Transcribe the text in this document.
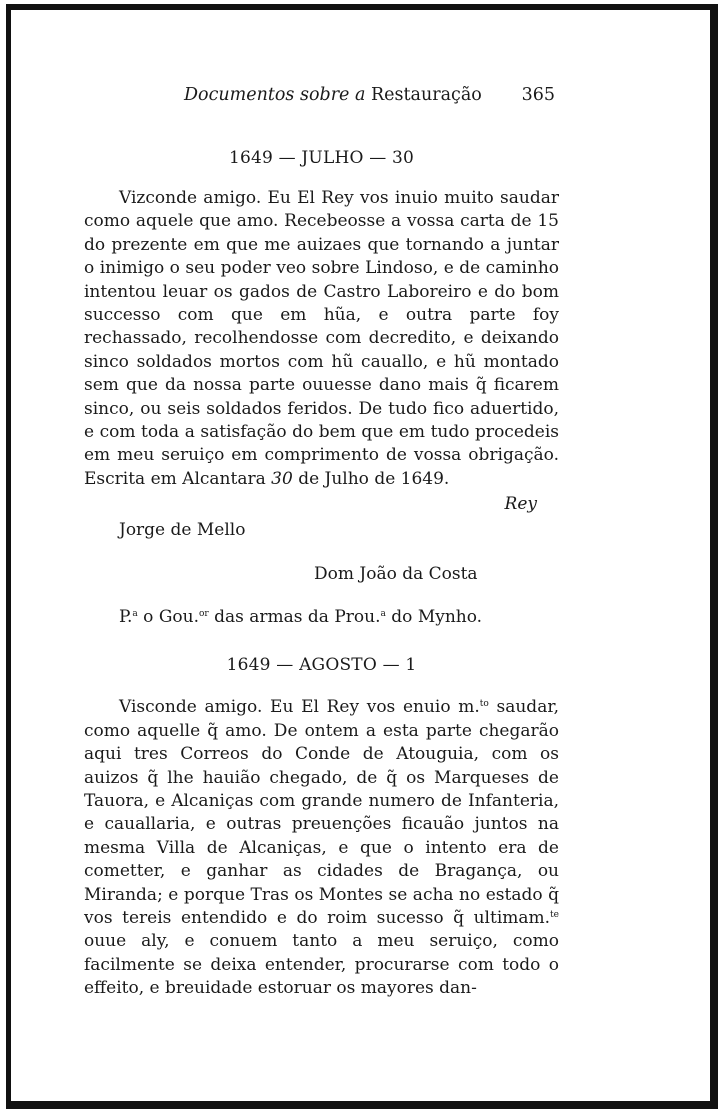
Documentos sobre a Restauração 365
1649 — JULHO — 30

Vizconde amigo. Eu El Rey vos inuio muito saudar como aquele que amo. Recebeosse a vossa carta de 15 do prezente em que me auizaes que tornando a juntar o inimigo o seu poder veo sobre Lindoso, e de caminho intentou leuar os gados de Castro Laboreiro e do bom successo com que em hũa, e outra parte foy rechassado, recolhendosse com decredito, e deixando sinco soldados mortos com hũ cauallo, e hũ montado sem que da nossa parte ouuesse dano mais q̃ ficarem sinco, ou seis soldados feridos. De tudo fico aduertido, e com toda a satisfação do bem que em tudo procedeis em meu seruiço em comprimento de vossa obrigação. Escrita em Alcantara 30 de Julho de 1649.

Rey
Jorge de Mello
Dom João da Costa
P.$^a$ o Gou.$^{or}$ das armas da Prou.$^a$ do Mynho.
1649 — AGOSTO — 1

Visconde amigo. Eu El Rey vos enuio m.$^{to}$ saudar, como aquelle q̃ amo. De ontem a esta parte chegarão aqui tres Correos do Conde de Atouguia, com os auizos q̃ lhe hauião chegado, de q̃ os Marqueses de Tauora, e Alcaniças com grande numero de Infanteria, e cauallaria, e outras preuenções ficauão juntos na mesma Villa de Alcaniças, e que o intento era de cometter, e ganhar as cidades de Bragança, ou Miranda; e porque Tras os Montes se acha no estado q̃ vos tereis entendido e do roim sucesso q̃ ultimam.$^{te}$ ouue aly, e conuem tanto a meu seruiço, como facilmente se deixa entender, procurarse com todo o effeito, e breuidade estoruar os mayores dan-
